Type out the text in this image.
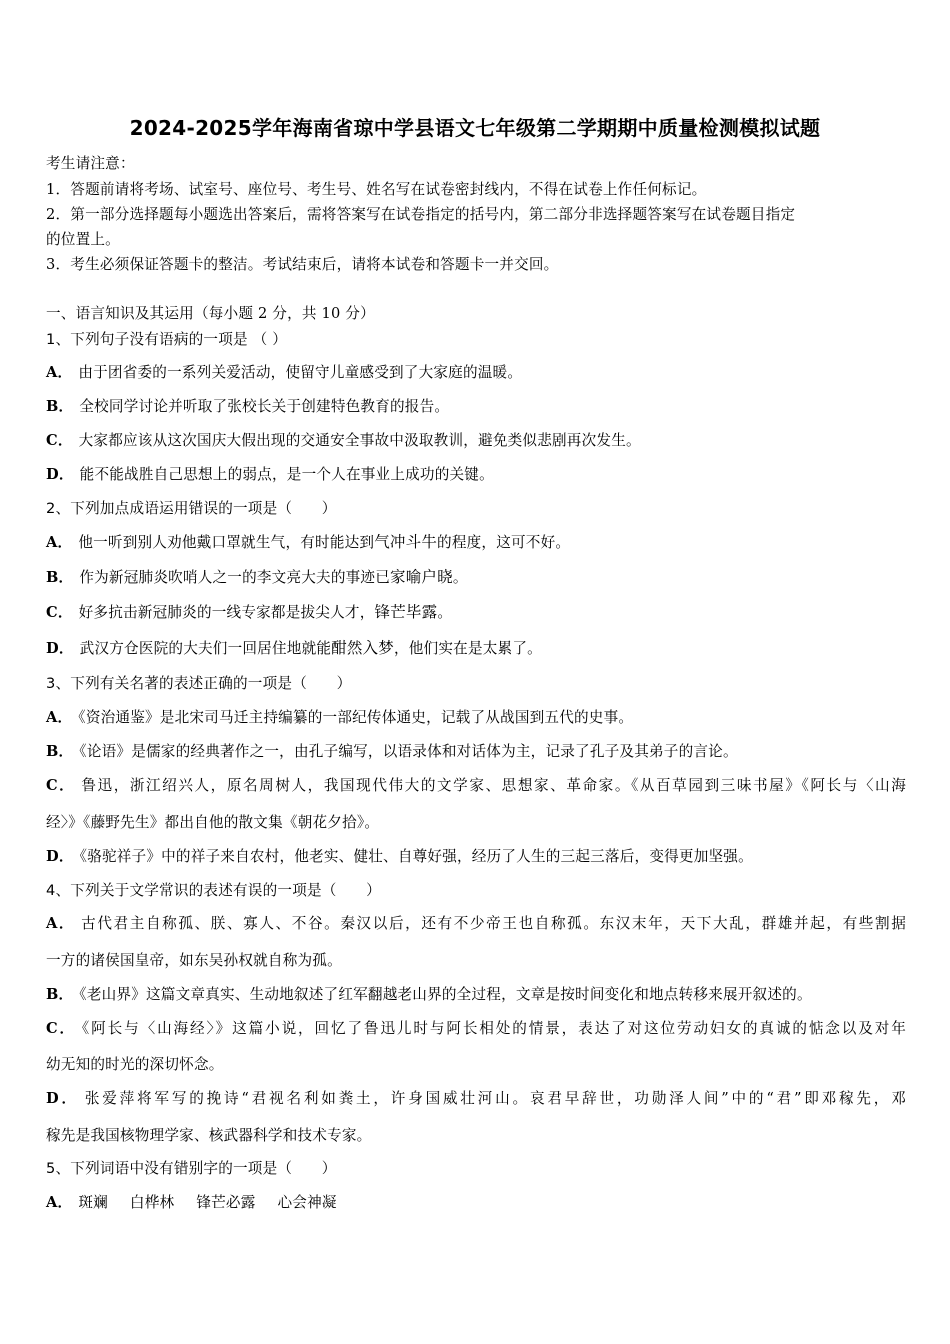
2024-2025学年海南省琼中学县语文七年级第二学期期中质量检测模拟试题
考生请注意：
1．答题前请将考场、试室号、座位号、考生号、姓名写在试卷密封线内，不得在试卷上作任何标记。
2．第一部分选择题每小题选出答案后，需将答案写在试卷指定的括号内，第二部分非选择题答案写在试卷题目指定
的位置上。
3．考生必须保证答题卡的整洁。考试结束后，请将本试卷和答题卡一并交回。
一、语言知识及其运用（每小题 2 分，共 10 分）
1、下列句子没有语病的一项是 （ ）
A． 由于团省委的一系列关爱活动，使留守儿童感受到了大家庭的温暖。
B． 全校同学讨论并听取了张校长关于创建特色教育的报告。
C． 大家都应该从这次国庆大假出现的交通安全事故中汲取教训，避免类似悲剧再次发生。
D． 能不能战胜自己思想上的弱点，是一个人在事业上成功的关键。
2、下列加点成语运用错误的一项是（　　）
A． 他一听到别人劝他戴口罩就生气，有时能达到气冲斗牛的程度，这可不好。
B． 作为新冠肺炎吹哨人之一的李文亮大夫的事迹已家喻户晓。
C． 好多抗击新冠肺炎的一线专家都是拔尖人才，锋芒毕露。
D． 武汉方仓医院的大夫们一回居住地就能酣然入梦，他们实在是太累了。
3、下列有关名著的表述正确的一项是（　　）
A． 《资治通鉴》是北宋司马迁主持编纂的一部纪传体通史，记载了从战国到五代的史事。
B． 《论语》是儒家的经典著作之一，由孔子编写，以语录体和对话体为主，记录了孔子及其弟子的言论。
C． 鲁迅，浙江绍兴人，原名周树人，我国现代伟大的文学家、思想家、革命家。《从百草园到三味书屋》《阿长与〈山海
经〉》《藤野先生》都出自他的散文集《朝花夕拾》。
D． 《骆驼祥子》中的祥子来自农村，他老实、健壮、自尊好强，经历了人生的三起三落后，变得更加坚强。
4、下列关于文学常识的表述有误的一项是（　　）
A． 古代君主自称孤、朕、寡人、不谷。秦汉以后，还有不少帝王也自称孤。东汉末年，天下大乱，群雄并起，有些割据
一方的诸侯国皇帝，如东吴孙权就自称为孤。
B． 《老山界》这篇文章真实、生动地叙述了红军翻越老山界的全过程，文章是按时间变化和地点转移来展开叙述的。
C． 《阿长与〈山海经〉》这篇小说，回忆了鲁迅儿时与阿长相处的情景，表达了对这位劳动妇女的真诚的惦念以及对年
幼无知的时光的深切怀念。
D． 张爱萍将军写的挽诗“君视名利如粪土，许身国威壮河山。哀君早辞世，功勋泽人间”中的“君”即邓稼先，邓
稼先是我国核物理学家、核武器科学和技术专家。
5、下列词语中没有错别字的一项是（　　）
A． 斑斓 白桦林 锋芒必露 心会神凝
